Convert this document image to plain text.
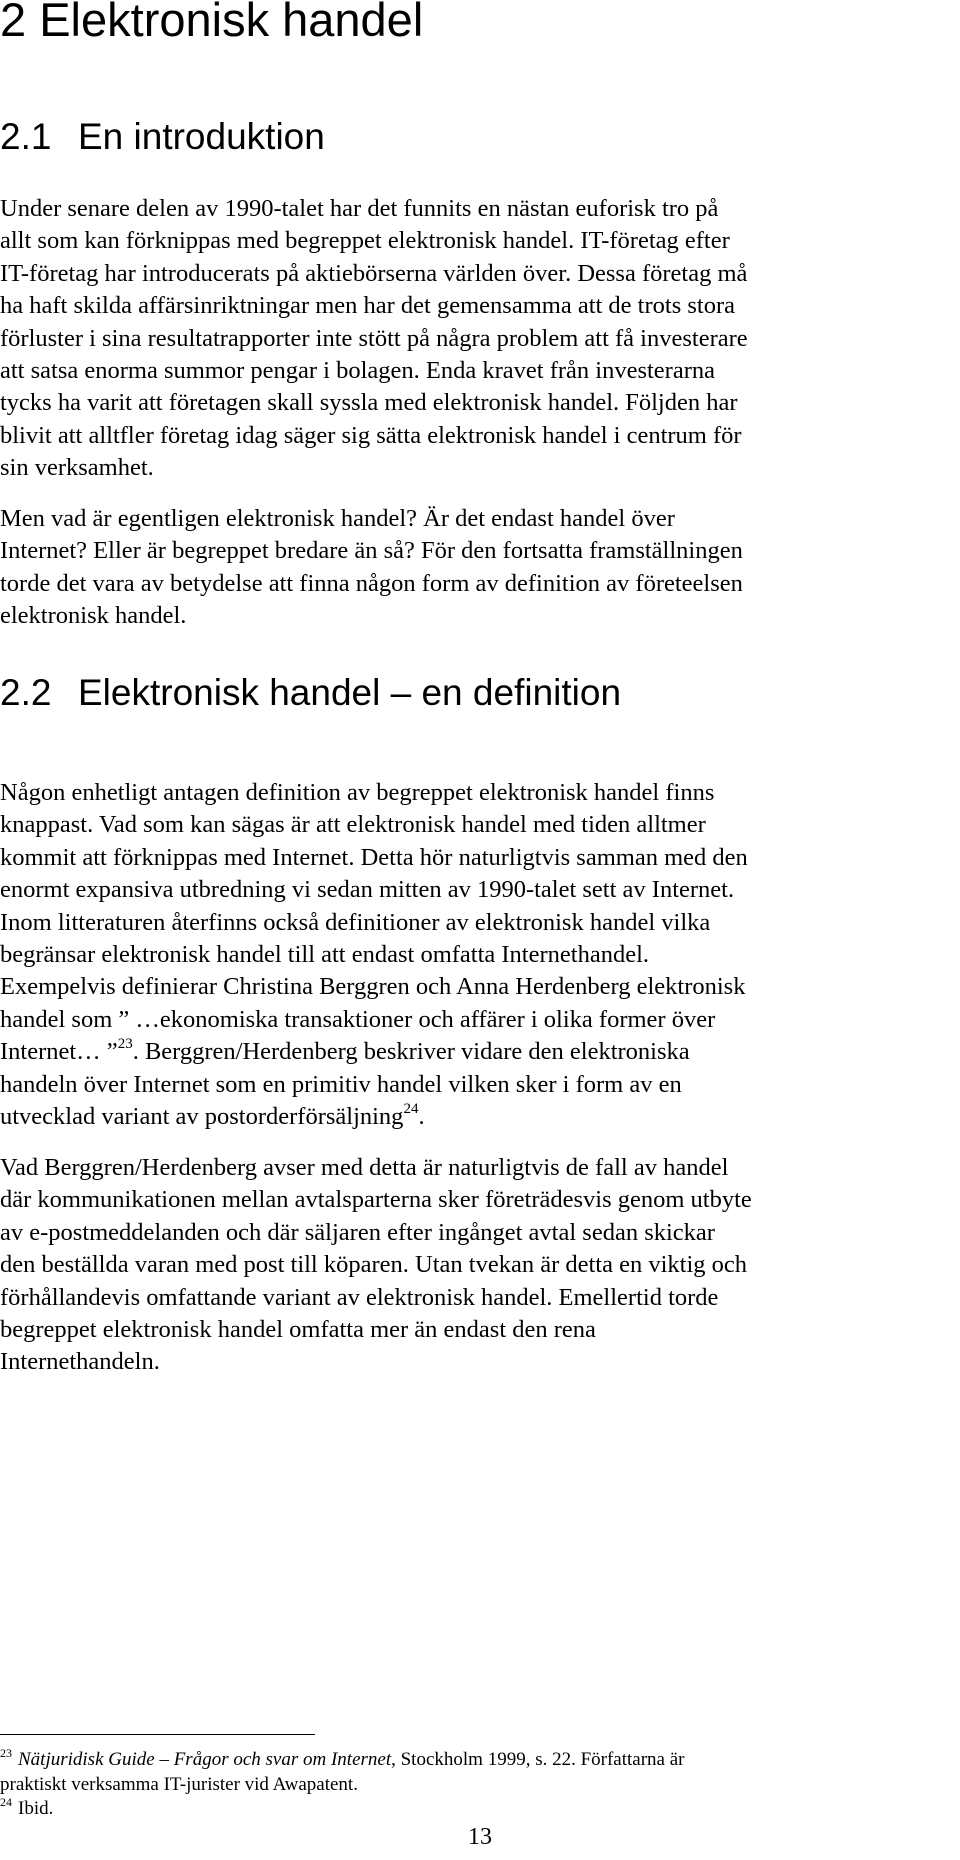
2 Elektronisk handel
2.1 En introduktion
Under senare delen av 1990-talet har det funnits en nästan euforisk tro på
allt som kan förknippas med begreppet elektronisk handel. IT-företag efter
IT-företag har introducerats på aktiebörserna världen över. Dessa företag må
ha haft skilda affärsinriktningar men har det gemensamma att de trots stora
förluster i sina resultatrapporter inte stött på några problem att få investerare
att satsa enorma summor pengar i bolagen. Enda kravet från investerarna
tycks ha varit att företagen skall syssla med elektronisk handel. Följden har
blivit att alltfler företag idag säger sig sätta elektronisk handel i centrum för
sin verksamhet.
Men vad är egentligen elektronisk handel? Är det endast handel över
Internet? Eller är begreppet bredare än så? För den fortsatta framställningen
torde det vara av betydelse att finna någon form av definition av företeelsen
elektronisk handel.
2.2 Elektronisk handel – en definition
Någon enhetligt antagen definition av begreppet elektronisk handel finns
knappast. Vad som kan sägas är att elektronisk handel med tiden alltmer
kommit att förknippas med Internet. Detta hör naturligtvis samman med den
enormt expansiva utbredning vi sedan mitten av 1990-talet sett av Internet.
Inom litteraturen återfinns också definitioner av elektronisk handel vilka
begränsar elektronisk handel till att endast omfatta Internethandel.
Exempelvis definierar Christina Berggren och Anna Herdenberg elektronisk
handel som ” …ekonomiska transaktioner och affärer i olika former över
Internet… ”$^{23}$. Berggren/Herdenberg beskriver vidare den elektroniska
handeln över Internet som en primitiv handel vilken sker i form av en
utvecklad variant av postorderförsäljning$^{24}$.
Vad Berggren/Herdenberg avser med detta är naturligtvis de fall av handel
där kommunikationen mellan avtalsparterna sker företrädesvis genom utbyte
av e-postmeddelanden och där säljaren efter ingånget avtal sedan skickar
den beställda varan med post till köparen. Utan tvekan är detta en viktig och
förhållandevis omfattande variant av elektronisk handel. Emellertid torde
begreppet elektronisk handel omfatta mer än endast den rena
Internethandeln.
$^{23}$ Nätjuridisk Guide – Frågor och svar om Internet, Stockholm 1999, s. 22. Författarna är
praktiskt verksamma IT-jurister vid Awapatent.
$^{24}$ Ibid.
13
